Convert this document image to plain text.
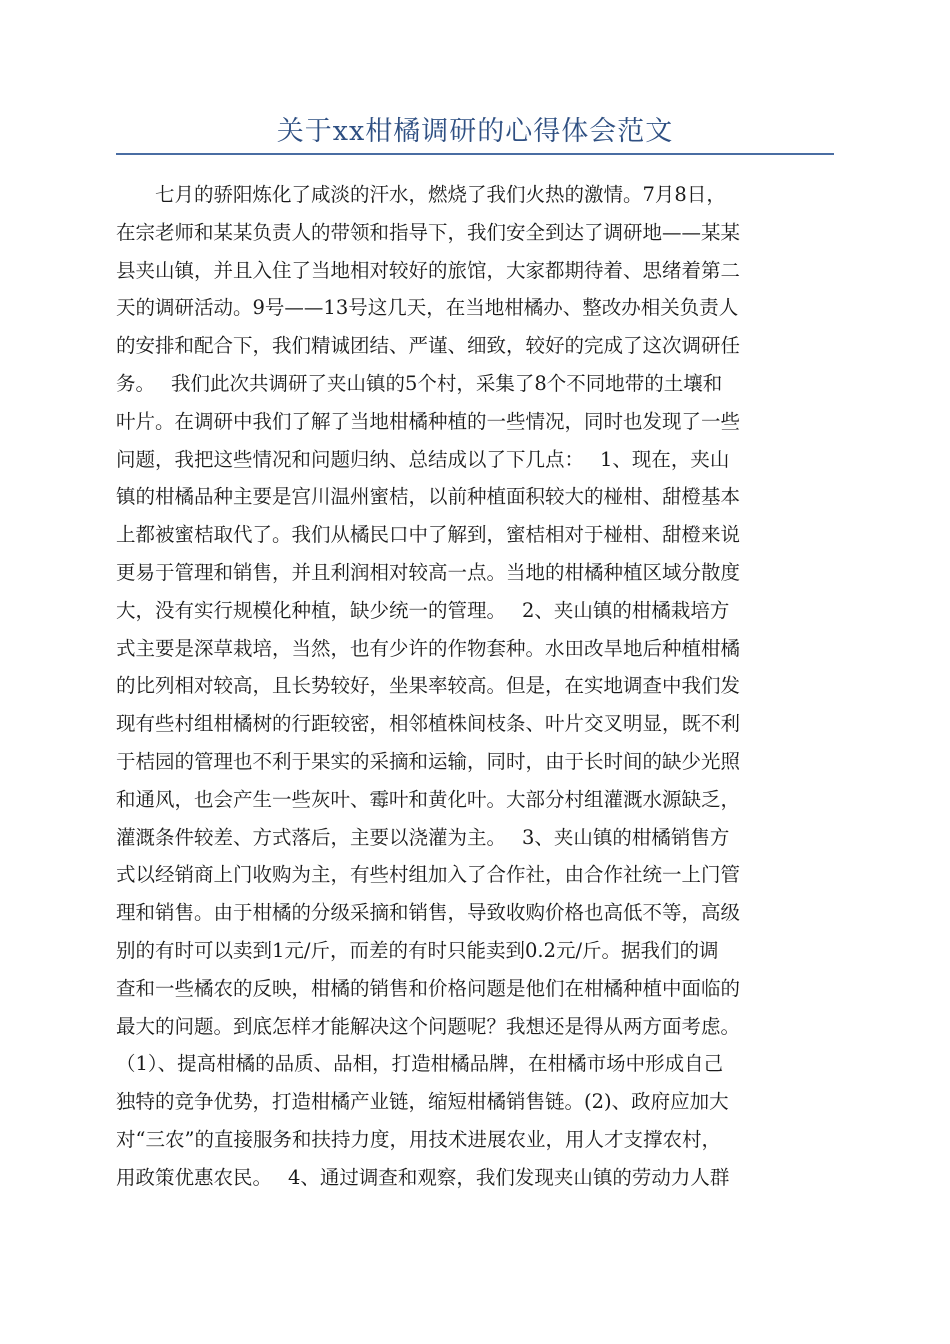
关于xx柑橘调研的心得体会范文
　　七月的骄阳炼化了咸淡的汗水，燃烧了我们火热的激情。7月8日，
在宗老师和某某负责人的带领和指导下，我们安全到达了调研地——某某
县夹山镇，并且入住了当地相对较好的旅馆，大家都期待着、思绪着第二
天的调研活动。9号——13号这几天，在当地柑橘办、整改办相关负责人
的安排和配合下，我们精诚团结、严谨、细致，较好的完成了这次调研任
务。　 我们此次共调研了夹山镇的5个村，采集了8个不同地带的土壤和
叶片。在调研中我们了解了当地柑橘种植的一些情况，同时也发现了一些
问题，我把这些情况和问题归纳、总结成以了下几点：　 1、现在，夹山
镇的柑橘品种主要是宫川温州蜜桔，以前种植面积较大的椪柑、甜橙基本
上都被蜜桔取代了。我们从橘民口中了解到，蜜桔相对于椪柑、甜橙来说
更易于管理和销售，并且利润相对较高一点。当地的柑橘种植区域分散度
大，没有实行规模化种植，缺少统一的管理。　 2、夹山镇的柑橘栽培方
式主要是深草栽培，当然，也有少许的作物套种。水田改旱地后种植柑橘
的比列相对较高，且长势较好，坐果率较高。但是，在实地调查中我们发
现有些村组柑橘树的行距较密，相邻植株间枝条、叶片交叉明显，既不利
于桔园的管理也不利于果实的采摘和运输，同时，由于长时间的缺少光照
和通风，也会产生一些灰叶、霉叶和黄化叶。大部分村组灌溉水源缺乏，
灌溉条件较差、方式落后，主要以浇灌为主。　 3、夹山镇的柑橘销售方
式以经销商上门收购为主，有些村组加入了合作社，由合作社统一上门管
理和销售。由于柑橘的分级采摘和销售，导致收购价格也高低不等，高级
别的有时可以卖到1元/斤，而差的有时只能卖到0.2元/斤。据我们的调
查和一些橘农的反映，柑橘的销售和价格问题是他们在柑橘种植中面临的
最大的问题。到底怎样才能解决这个问题呢？我想还是得从两方面考虑。
（1）、提高柑橘的品质、品相，打造柑橘品牌，在柑橘市场中形成自己
独特的竞争优势，打造柑橘产业链，缩短柑橘销售链。(2)、政府应加大
对“三农”的直接服务和扶持力度，用技术进展农业，用人才支撑农村，
用政策优惠农民。　 4、通过调查和观察，我们发现夹山镇的劳动力人群
